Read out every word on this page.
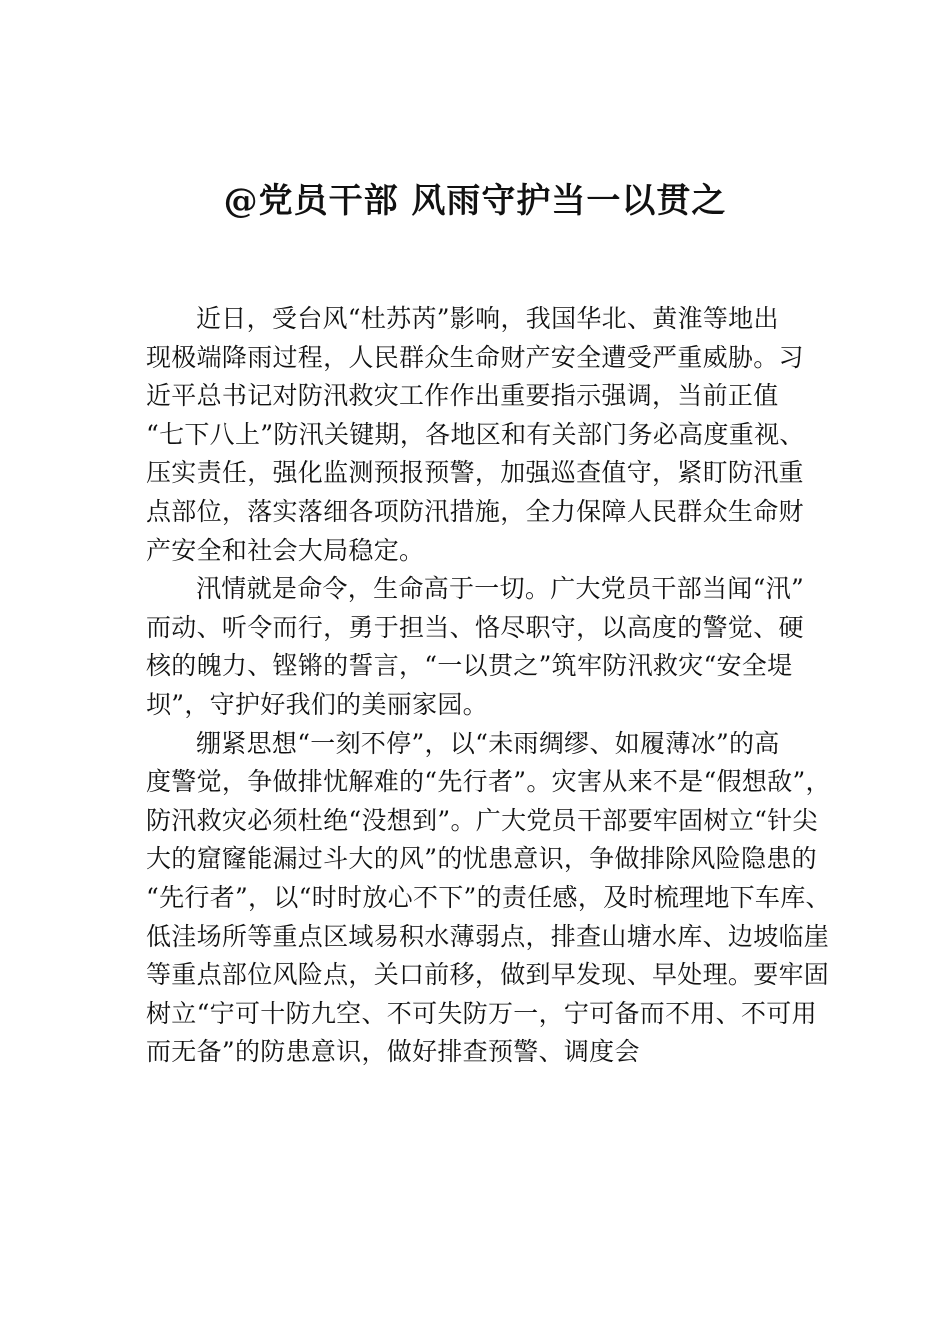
@党员干部 风雨守护当一以贯之
近日，受台风“杜苏芮”影响，我国华北、黄淮等地出
现极端降雨过程，人民群众生命财产安全遭受严重威胁。习
近平总书记对防汛救灾工作作出重要指示强调，当前正值
“七下八上”防汛关键期，各地区和有关部门务必高度重视、
压实责任，强化监测预报预警，加强巡查值守，紧盯防汛重
点部位，落实落细各项防汛措施，全力保障人民群众生命财
产安全和社会大局稳定。
汛情就是命令，生命高于一切。广大党员干部当闻“汛”
而动、听令而行，勇于担当、恪尽职守，以高度的警觉、硬
核的魄力、铿锵的誓言，“一以贯之”筑牢防汛救灾“安全堤
坝”，守护好我们的美丽家园。
绷紧思想“一刻不停”，以“未雨绸缪、如履薄冰”的高
度警觉，争做排忧解难的“先行者”。灾害从来不是“假想敌”，
防汛救灾必须杜绝“没想到”。广大党员干部要牢固树立“针尖
大的窟窿能漏过斗大的风”的忧患意识，争做排除风险隐患的
“先行者”，以“时时放心不下”的责任感，及时梳理地下车库、
低洼场所等重点区域易积水薄弱点，排查山塘水库、边坡临崖
等重点部位风险点，关口前移，做到早发现、早处理。要牢固
树立“宁可十防九空、不可失防万一，宁可备而不用、不可用
而无备”的防患意识，做好排查预警、调度会
